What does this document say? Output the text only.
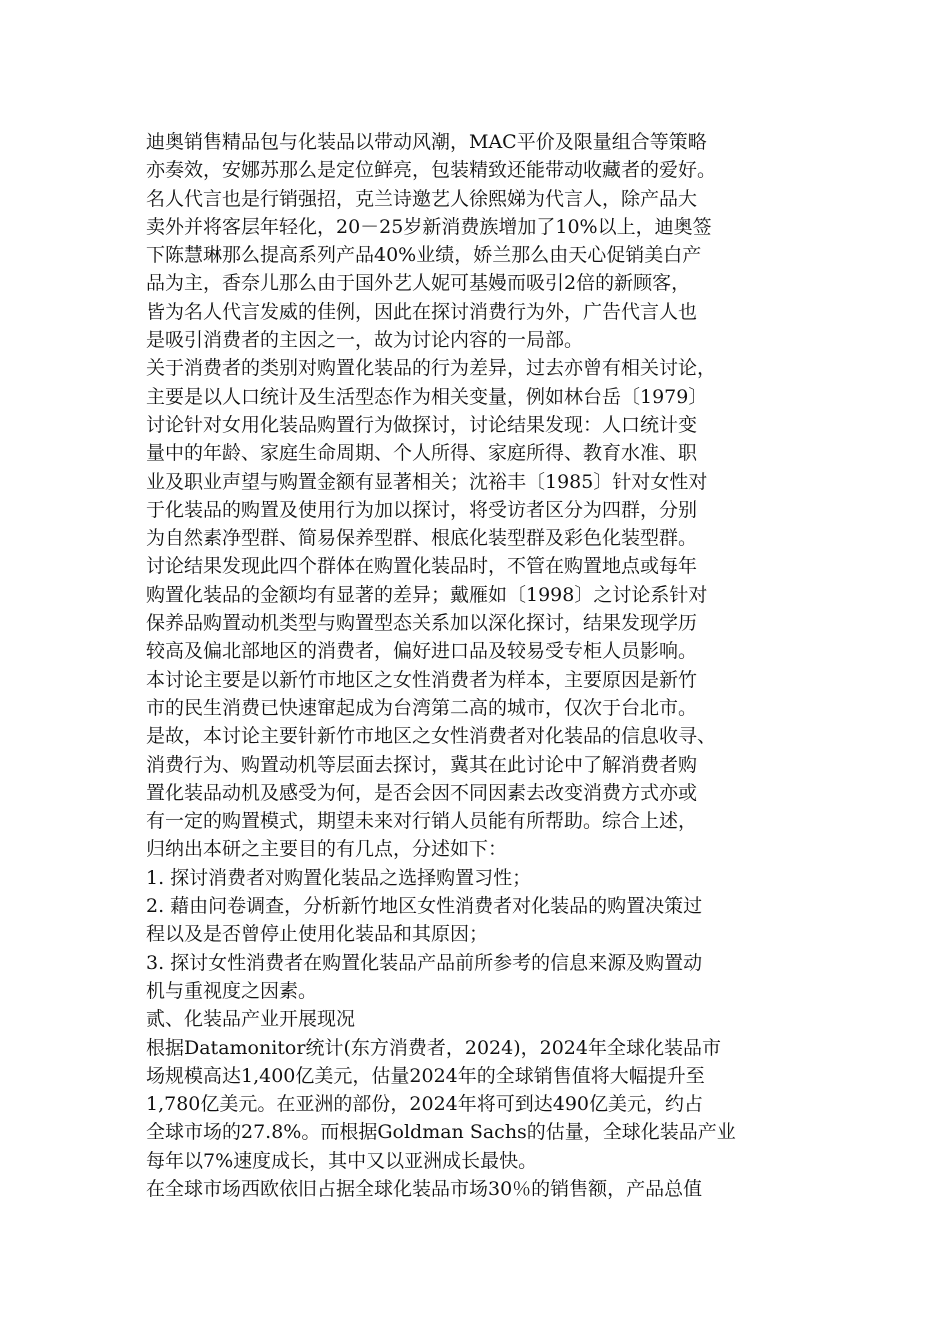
迪奥销售精品包与化装品以带动风潮，MAC平价及限量组合等策略
亦奏效，安娜苏那么是定位鲜亮，包装精致还能带动收藏者的爱好。
名人代言也是行销强招，克兰诗邀艺人徐熙娣为代言人，除产品大
卖外并将客层年轻化，20－25岁新消费族增加了10%以上，迪奥签
下陈慧琳那么提高系列产品40%业绩，娇兰那么由天心促销美白产
品为主，香奈儿那么由于国外艺人妮可基嫚而吸引2倍的新顾客，
皆为名人代言发威的佳例，因此在探讨消费行为外，广告代言人也
是吸引消费者的主因之一，故为讨论内容的一局部。
关于消费者的类别对购置化装品的行为差异，过去亦曾有相关讨论，
主要是以人口统计及生活型态作为相关变量，例如林台岳〔1979〕
讨论针对女用化装品购置行为做探讨，讨论结果发现：人口统计变
量中的年龄、家庭生命周期、个人所得、家庭所得、教育水准、职
业及职业声望与购置金额有显著相关；沈裕丰〔1985〕针对女性对
于化装品的购置及使用行为加以探讨，将受访者区分为四群，分别
为自然素净型群、简易保养型群、根底化装型群及彩色化装型群。
讨论结果发现此四个群体在购置化装品时，不管在购置地点或每年
购置化装品的金额均有显著的差异；戴雁如〔1998〕之讨论系针对
保养品购置动机类型与购置型态关系加以深化探讨，结果发现学历
较高及偏北部地区的消费者，偏好进口品及较易受专柜人员影响。
本讨论主要是以新竹市地区之女性消费者为样本，主要原因是新竹
市的民生消费已快速窜起成为台湾第二高的城市，仅次于台北市。
是故，本讨论主要针新竹市地区之女性消费者对化装品的信息收寻、
消费行为、购置动机等层面去探讨，冀其在此讨论中了解消费者购
置化装品动机及感受为何，是否会因不同因素去改变消费方式亦或
有一定的购置模式，期望未来对行销人员能有所帮助。综合上述，
归纳出本研之主要目的有几点，分述如下：
1. 探讨消费者对购置化装品之选择购置习性；
2. 藉由问卷调查，分析新竹地区女性消费者对化装品的购置决策过
程以及是否曾停止使用化装品和其原因；
3. 探讨女性消费者在购置化装品产品前所参考的信息来源及购置动
机与重视度之因素。
贰、化装品产业开展现况
根据Datamonitor统计(东方消费者，2024)，2024年全球化装品市
场规模高达1,400亿美元，估量2024年的全球销售值将大幅提升至
1,780亿美元。在亚洲的部份，2024年将可到达490亿美元，约占
全球市场的27.8%。而根据Goldman Sachs的估量，全球化装品产业
每年以7%速度成长，其中又以亚洲成长最快。
在全球市场西欧依旧占据全球化装品市场30％的销售额，产品总值
